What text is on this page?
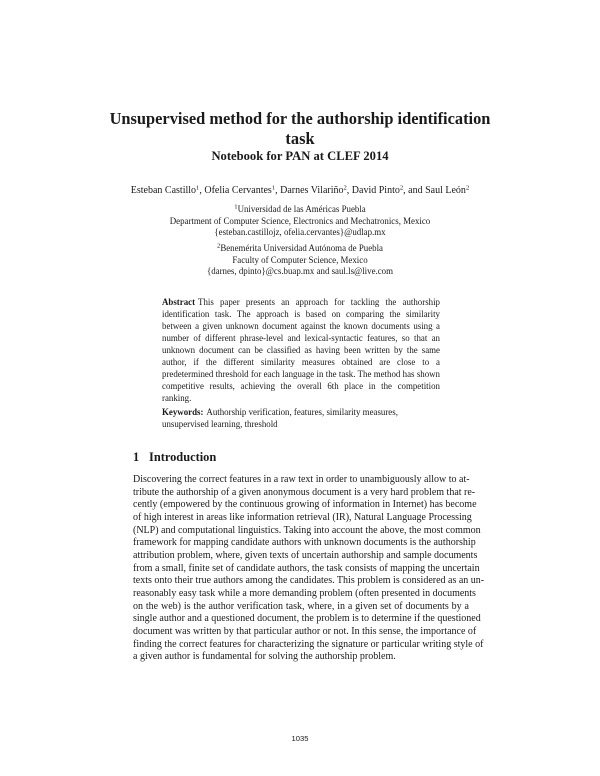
Unsupervised method for the authorship identification task
Notebook for PAN at CLEF 2014
Esteban Castillo$^1$, Ofelia Cervantes$^1$, Darnes Vilariño$^2$, David Pinto$^2$, and Saul León$^2$
$^1$Universidad de las Américas Puebla
Department of Computer Science, Electronics and Mechatronics, Mexico
{esteban.castillojz, ofelia.cervantes}@udlap.mx
$^2$Benemérita Universidad Autónoma de Puebla
Faculty of Computer Science, Mexico
{darnes, dpinto}@cs.buap.mx and saul.ls@live.com
Abstract This paper presents an approach for tackling the authorship identification task. The approach is based on comparing the similarity between a given unknown document against the known documents using a number of different phrase-level and lexical-syntactic features, so that an unknown document can be classified as having been written by the same author, if the different similarity measures obtained are close to a predetermined threshold for each language in the task. The method has shown competitive results, achieving the overall 6th place in the competition ranking.
Keywords: Authorship verification, features, similarity measures, unsupervised learning, threshold
1 Introduction
Discovering the correct features in a raw text in order to unambiguously allow to at-
tribute the authorship of a given anonymous document is a very hard problem that re-
cently (empowered by the continuous growing of information in Internet) has become
of high interest in areas like information retrieval (IR), Natural Language Processing
(NLP) and computational linguistics. Taking into account the above, the most common
framework for mapping candidate authors with unknown documents is the authorship
attribution problem, where, given texts of uncertain authorship and sample documents
from a small, finite set of candidate authors, the task consists of mapping the uncertain
texts onto their true authors among the candidates. This problem is considered as an un-
reasonably easy task while a more demanding problem (often presented in documents
on the web) is the author verification task, where, in a given set of documents by a
single author and a questioned document, the problem is to determine if the questioned
document was written by that particular author or not. In this sense, the importance of
finding the correct features for characterizing the signature or particular writing style of
a given author is fundamental for solving the authorship problem.
1035
